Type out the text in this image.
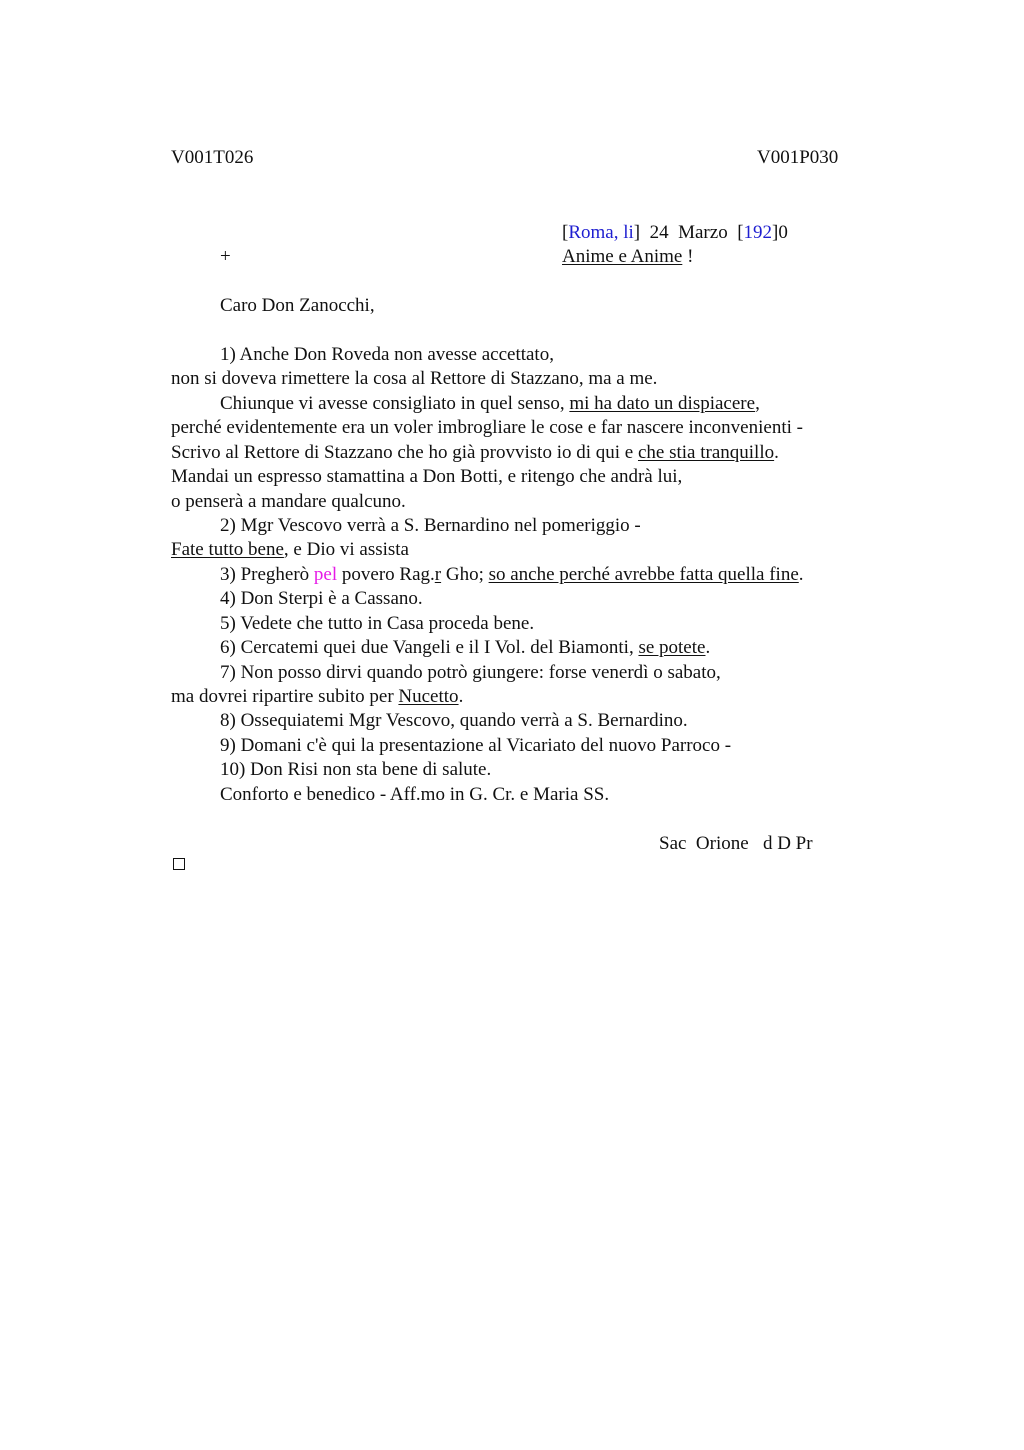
V001T026	V001P030
[Roma, li]  24  Marzo  [192]0
+	Anime e Anime !
Caro Don Zanocchi,
1) Anche Don Roveda non avesse accettato,
non si doveva rimettere la cosa al Rettore di Stazzano, ma a me.
Chiunque vi avesse consigliato in quel senso, mi ha dato un dispiacere,
perché evidentemente era un voler imbrogliare le cose e far nascere inconvenienti -
Scrivo al Rettore di Stazzano che ho già provvisto io di qui e che stia tranquillo.
Mandai un espresso stamattina a Don Botti, e ritengo che andrà lui,
o penserà a mandare qualcuno.
2) Mgr Vescovo verrà a S. Bernardino nel pomeriggio -
Fate tutto bene, e Dio vi assista
3) Pregherò pel povero Rag.r Gho; so anche perché avrebbe fatta quella fine.
4) Don Sterpi è a Cassano.
5) Vedete che tutto in Casa proceda bene.
6) Cercatemi quei due Vangeli e il I Vol. del Biamonti, se potete.
7) Non posso dirvi quando potrò giungere: forse venerdì o sabato,
ma dovrei ripartire subito per Nucetto.
8) Ossequiatemi Mgr Vescovo, quando verrà a S. Bernardino.
9) Domani c'è qui la presentazione al Vicariato del nuovo Parroco -
10) Don Risi non sta bene di salute.
Conforto e benedico - Aff.mo in G. Cr. e Maria SS.
Sac  Orione   d D Pr
